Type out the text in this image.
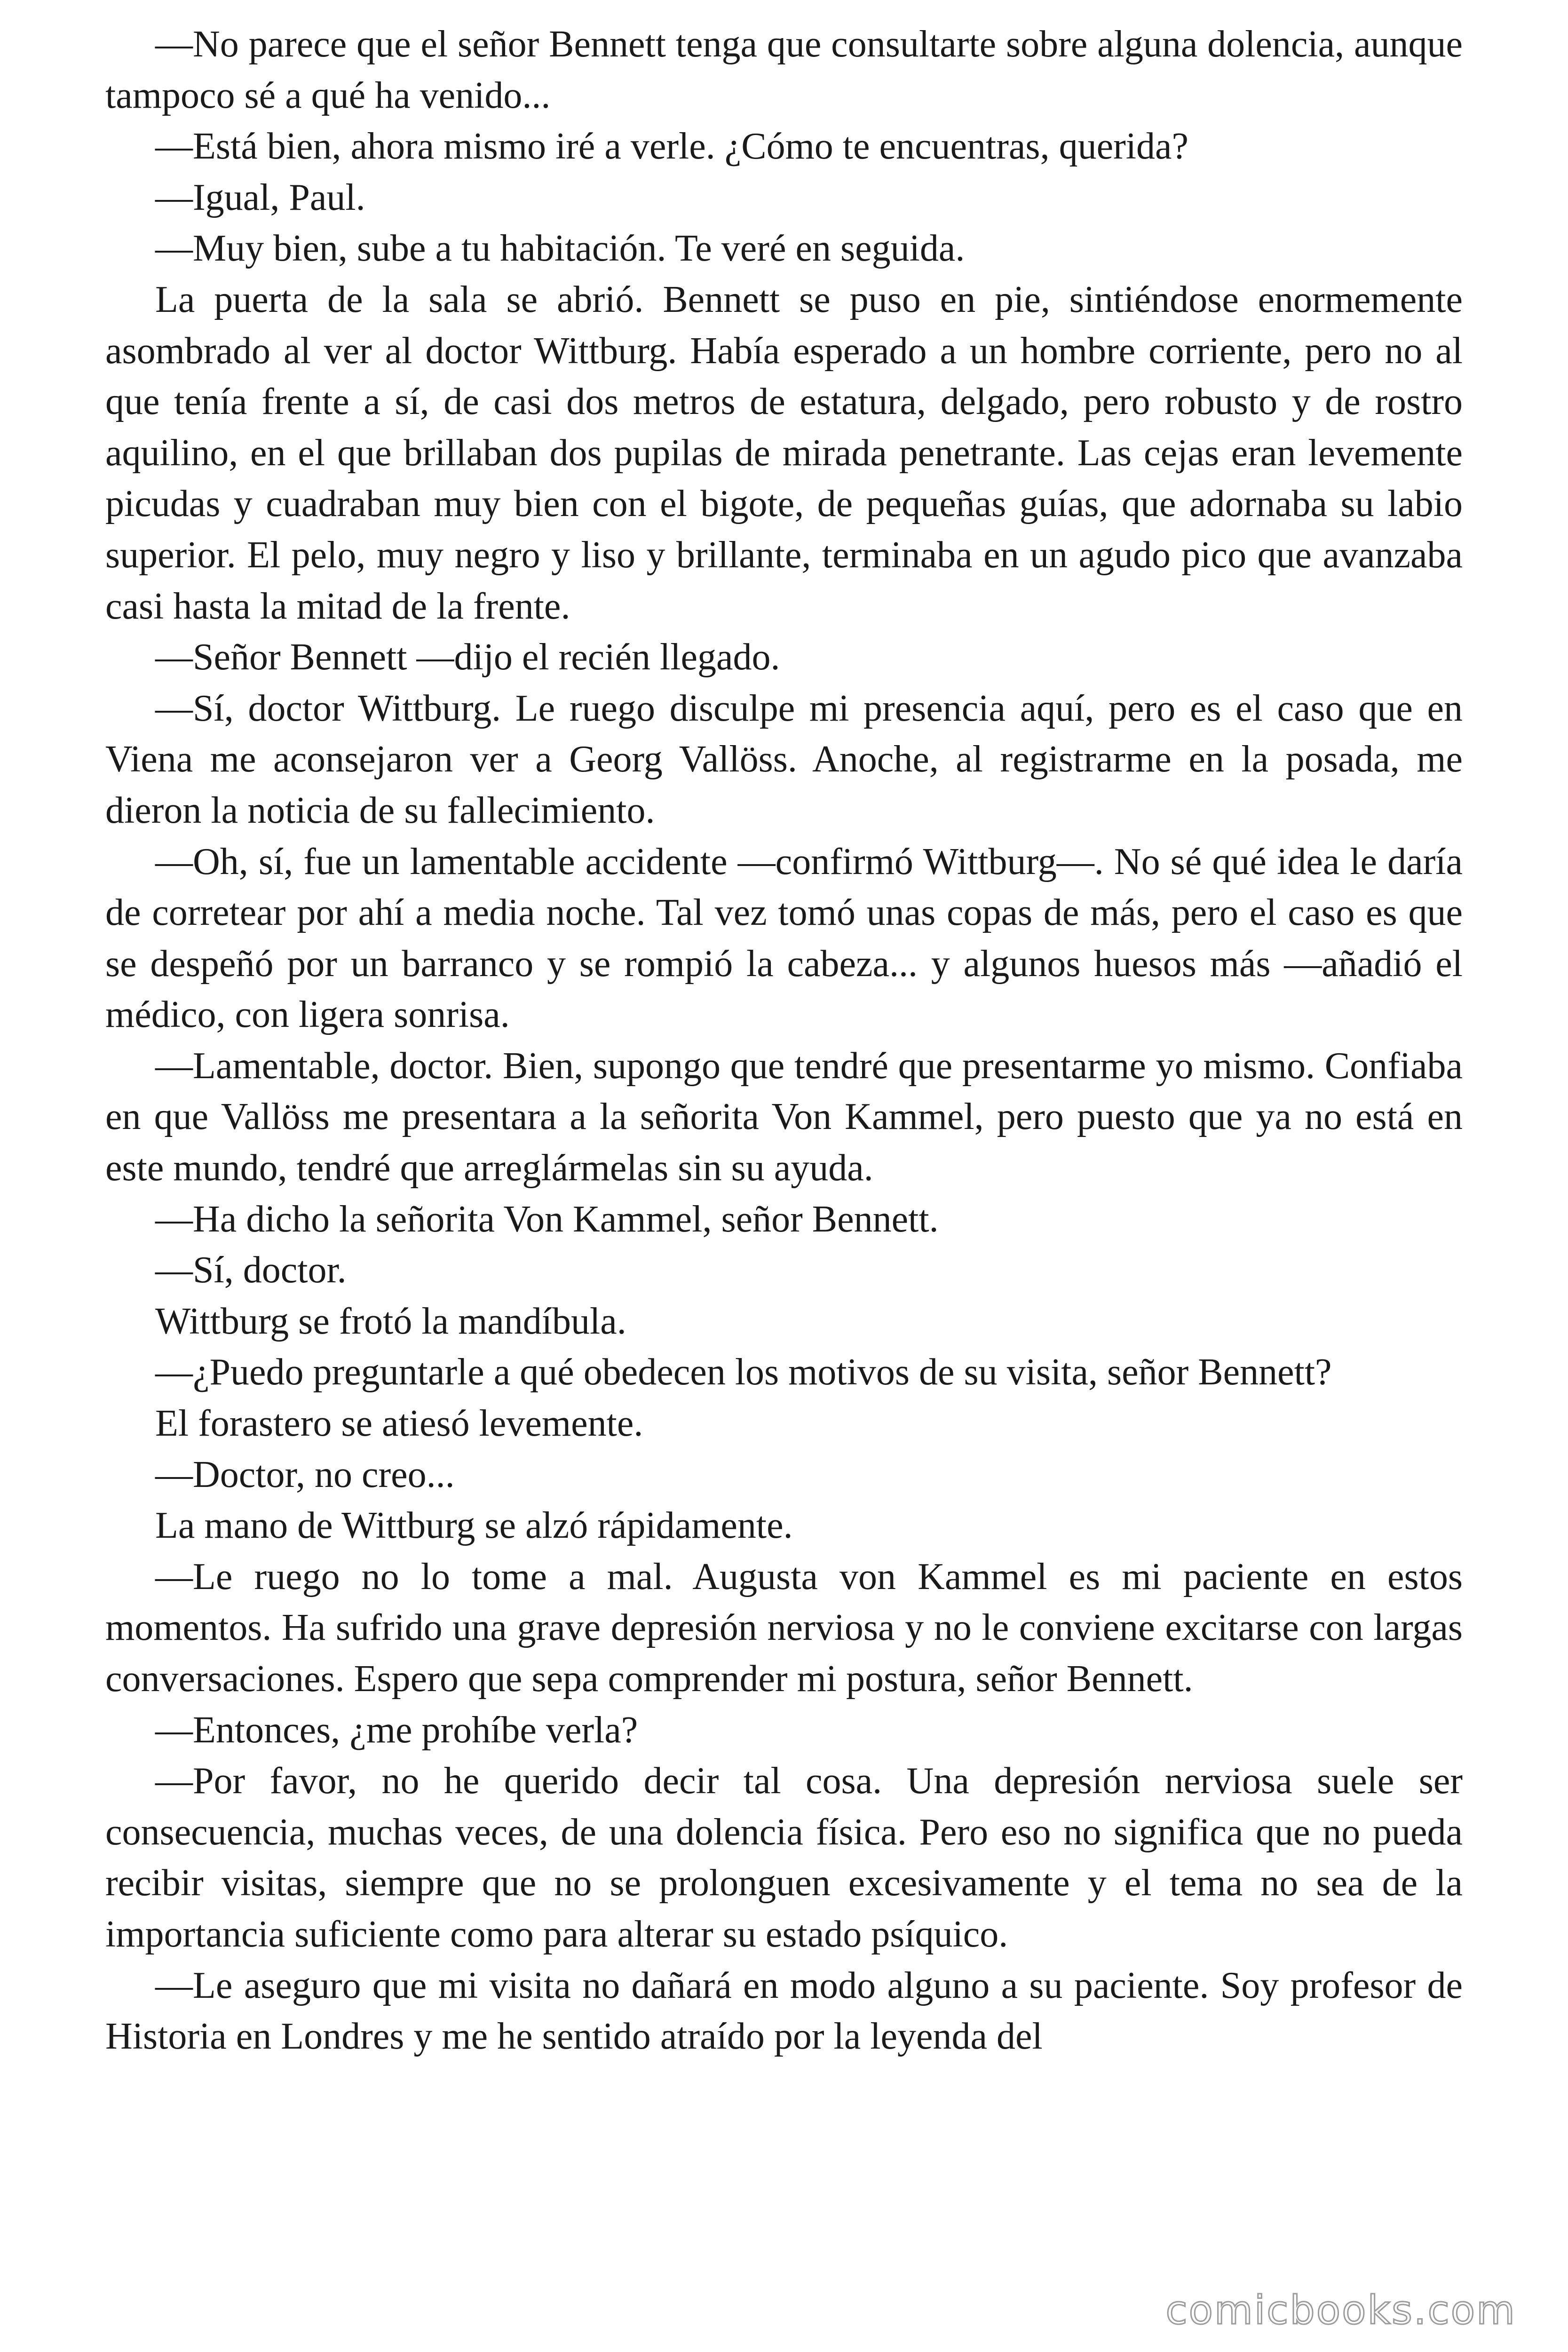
—No parece que el señor Bennett tenga que consultarte sobre alguna dolencia, aunque tampoco sé a qué ha venido...

—Está bien, ahora mismo iré a verle. ¿Cómo te encuentras, querida?

—Igual, Paul.

—Muy bien, sube a tu habitación. Te veré en seguida.

La puerta de la sala se abrió. Bennett se puso en pie, sintiéndose enormemente asombrado al ver al doctor Wittburg. Había esperado a un hombre corriente, pero no al que tenía frente a sí, de casi dos metros de estatura, delgado, pero robusto y de rostro aquilino, en el que brillaban dos pupilas de mirada penetrante. Las cejas eran levemente picudas y cuadraban muy bien con el bigote, de pequeñas guías, que adornaba su labio superior. El pelo, muy negro y liso y brillante, terminaba en un agudo pico que avanzaba casi hasta la mitad de la frente.

—Señor Bennett —dijo el recién llegado.

—Sí, doctor Wittburg. Le ruego disculpe mi presencia aquí, pero es el caso que en Viena me aconsejaron ver a Georg Vallöss. Anoche, al registrarme en la posada, me dieron la noticia de su fallecimiento.

—Oh, sí, fue un lamentable accidente —confirmó Wittburg—. No sé qué idea le daría de corretear por ahí a media noche. Tal vez tomó unas copas de más, pero el caso es que se despeñó por un barranco y se rompió la cabeza... y algunos huesos más —añadió el médico, con ligera sonrisa.

—Lamentable, doctor. Bien, supongo que tendré que presentarme yo mismo. Confiaba en que Vallöss me presentara a la señorita Von Kammel, pero puesto que ya no está en este mundo, tendré que arreglármelas sin su ayuda.

—Ha dicho la señorita Von Kammel, señor Bennett.

—Sí, doctor.

Wittburg se frotó la mandíbula.

—¿Puedo preguntarle a qué obedecen los motivos de su visita, señor Bennett?

El forastero se atiesó levemente.

—Doctor, no creo...

La mano de Wittburg se alzó rápidamente.

—Le ruego no lo tome a mal. Augusta von Kammel es mi paciente en estos momentos. Ha sufrido una grave depresión nerviosa y no le conviene excitarse con largas conversaciones. Espero que sepa comprender mi postura, señor Bennett.

—Entonces, ¿me prohíbe verla?

—Por favor, no he querido decir tal cosa. Una depresión nerviosa suele ser consecuencia, muchas veces, de una dolencia física. Pero eso no significa que no pueda recibir visitas, siempre que no se prolonguen excesivamente y el tema no sea de la importancia suficiente como para alterar su estado psíquico.

—Le aseguro que mi visita no dañará en modo alguno a su paciente. Soy profesor de Historia en Londres y me he sentido atraído por la leyenda del

comicbooks.com
